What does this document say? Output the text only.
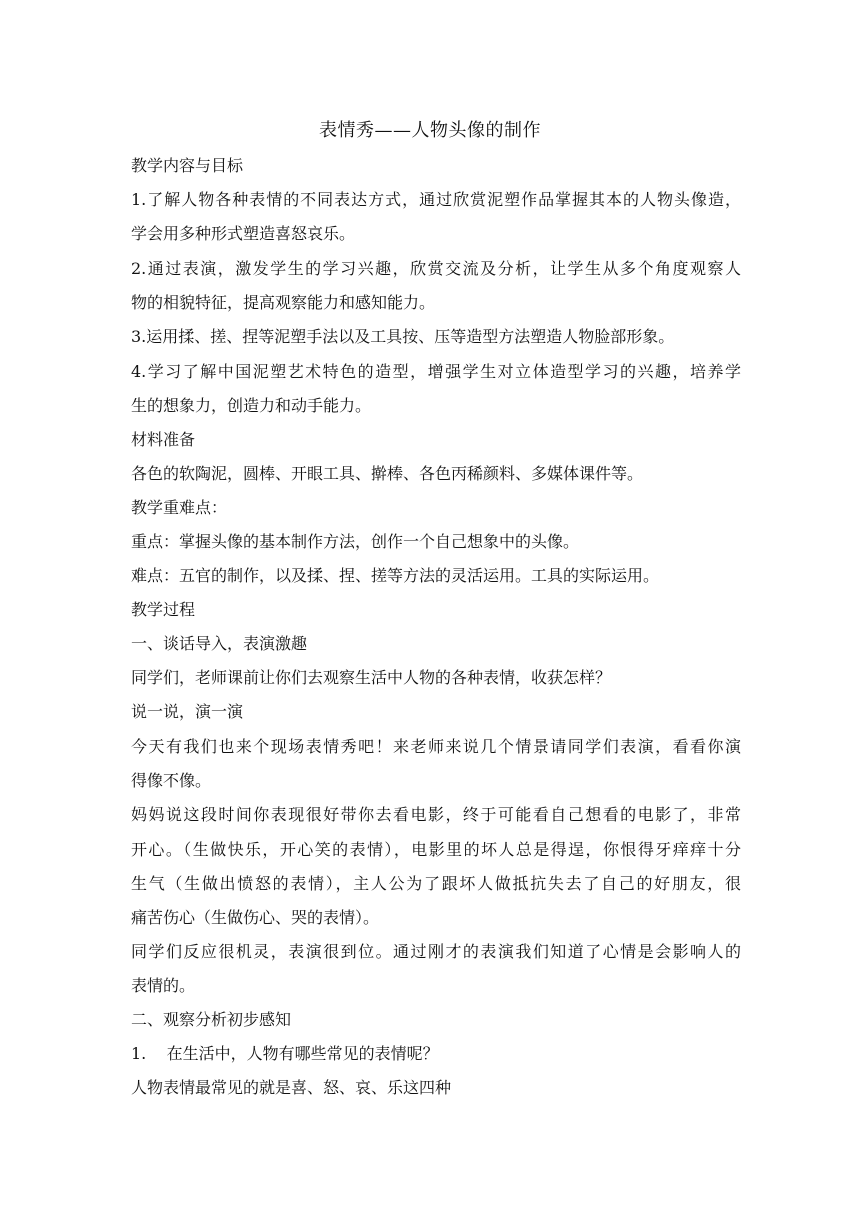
表情秀——人物头像的制作
教学内容与目标
1.了解人物各种表情的不同表达方式，通过欣赏泥塑作品掌握其本的人物头像造，
学会用多种形式塑造喜怒哀乐。
2.通过表演，激发学生的学习兴趣，欣赏交流及分析，让学生从多个角度观察人
物的相貌特征，提高观察能力和感知能力。
3.运用揉、搓、捏等泥塑手法以及工具按、压等造型方法塑造人物脸部形象。
4.学习了解中国泥塑艺术特色的造型，增强学生对立体造型学习的兴趣，培养学
生的想象力，创造力和动手能力。
材料准备
各色的软陶泥，圆棒、开眼工具、擀棒、各色丙稀颜料、多媒体课件等。
教学重难点：
重点：掌握头像的基本制作方法，创作一个自己想象中的头像。
难点：五官的制作，以及揉、捏、搓等方法的灵活运用。工具的实际运用。
教学过程
一、谈话导入，表演激趣
同学们，老师课前让你们去观察生活中人物的各种表情，收获怎样？
说一说，演一演
今天有我们也来个现场表情秀吧！来老师来说几个情景请同学们表演，看看你演
得像不像。
妈妈说这段时间你表现很好带你去看电影，终于可能看自己想看的电影了，非常
开心。（生做快乐，开心笑的表情），电影里的坏人总是得逞，你恨得牙痒痒十分
生气（生做出愤怒的表情），主人公为了跟坏人做抵抗失去了自己的好朋友，很
痛苦伤心（生做伤心、哭的表情）。
同学们反应很机灵，表演很到位。通过刚才的表演我们知道了心情是会影响人的
表情的。
二、观察分析初步感知
1.    在生活中，人物有哪些常见的表情呢？
人物表情最常见的就是喜、怒、哀、乐这四种
